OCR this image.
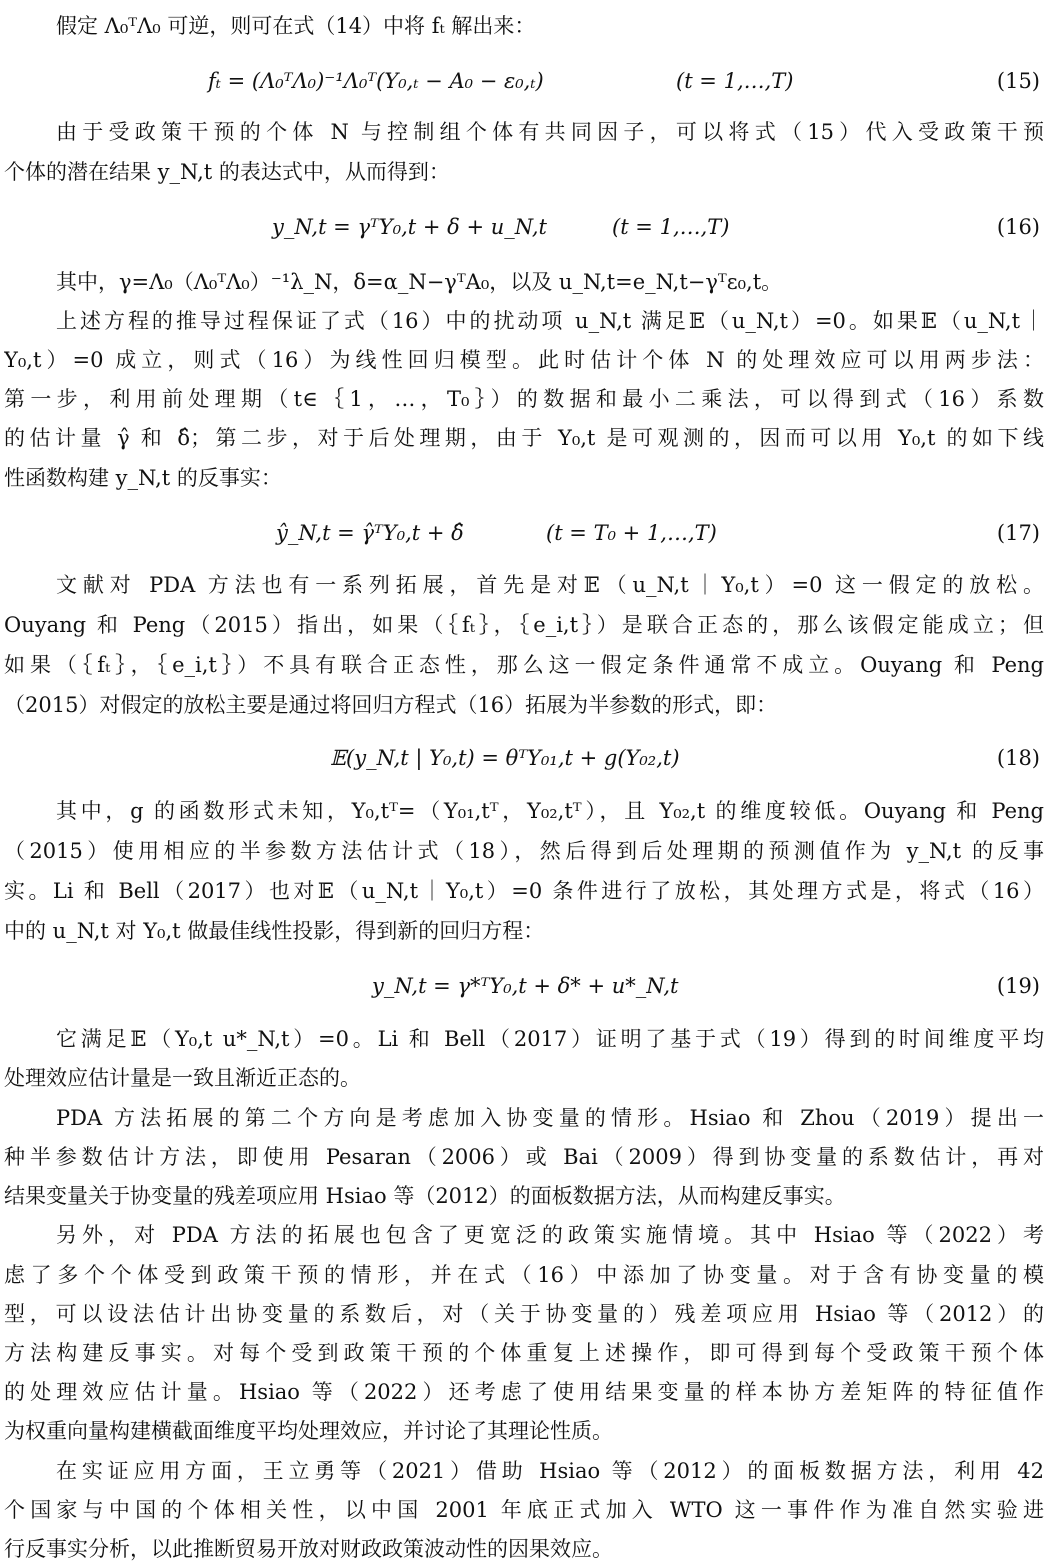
假定 Λ₀ᵀΛ₀ 可逆，则可在式（14）中将 fₜ 解出来：
fₜ = (Λ₀ᵀΛ₀)⁻¹Λ₀ᵀ(Y₀,ₜ − A₀ − ε₀,ₜ)	(t = 1,…,T)	(15)
由于受政策干预的个体 N 与控制组个体有共同因子，可以将式（15）代入受政策干预
个体的潜在结果 y_N,t 的表达式中，从而得到：
y_N,t = γᵀY₀,t + δ + u_N,t	(t = 1,…,T)	(16)
其中，γ=Λ₀（Λ₀ᵀΛ₀）⁻¹λ_N，δ=α_N−γᵀA₀，以及 u_N,t=e_N,t−γᵀε₀,t。
上述方程的推导过程保证了式（16）中的扰动项 u_N,t 满足𝔼（u_N,t）=0。如果𝔼（u_N,t｜
Y₀,t）=0 成立，则式（16）为线性回归模型。此时估计个体 N 的处理效应可以用两步法：
第一步，利用前处理期（t∈｛1，…，T₀｝）的数据和最小二乘法，可以得到式（16）系数
的估计量 γ̂ 和 δ̂；第二步，对于后处理期，由于 Y₀,t 是可观测的，因而可以用 Y₀,t 的如下线
性函数构建 y_N,t 的反事实：
ŷ_N,t = γ̂ᵀY₀,t + δ̂	(t = T₀ + 1,…,T)	(17)
文献对 PDA 方法也有一系列拓展，首先是对𝔼（u_N,t｜Y₀,t）=0 这一假定的放松。
Ouyang 和 Peng（2015）指出，如果（｛fₜ｝，｛e_i,t｝）是联合正态的，那么该假定能成立；但
如果（｛fₜ｝，｛e_i,t｝）不具有联合正态性，那么这一假定条件通常不成立。Ouyang 和 Peng
（2015）对假定的放松主要是通过将回归方程式（16）拓展为半参数的形式，即：
𝔼(y_N,t | Y₀,t) = θᵀY₀₁,t + g(Y₀₂,t)	(18)
其中，g 的函数形式未知，Y₀,tᵀ=（Y₀₁,tᵀ，Y₀₂,tᵀ），且 Y₀₂,t 的维度较低。Ouyang 和 Peng
（2015）使用相应的半参数方法估计式（18），然后得到后处理期的预测值作为 y_N,t 的反事
实。Li 和 Bell（2017）也对𝔼（u_N,t｜Y₀,t）=0 条件进行了放松，其处理方式是，将式（16）
中的 u_N,t 对 Y₀,t 做最佳线性投影，得到新的回归方程：
y_N,t = γ*ᵀY₀,t + δ* + u*_N,t	(19)
它满足𝔼（Y₀,t u*_N,t）=0。Li 和 Bell（2017）证明了基于式（19）得到的时间维度平均
处理效应估计量是一致且渐近正态的。
PDA 方法拓展的第二个方向是考虑加入协变量的情形。Hsiao 和 Zhou（2019）提出一
种半参数估计方法，即使用 Pesaran（2006）或 Bai（2009）得到协变量的系数估计，再对
结果变量关于协变量的残差项应用 Hsiao 等（2012）的面板数据方法，从而构建反事实。
另外，对 PDA 方法的拓展也包含了更宽泛的政策实施情境。其中 Hsiao 等（2022）考
虑了多个个体受到政策干预的情形，并在式（16）中添加了协变量。对于含有协变量的模
型，可以设法估计出协变量的系数后，对（关于协变量的）残差项应用 Hsiao 等（2012）的
方法构建反事实。对每个受到政策干预的个体重复上述操作，即可得到每个受政策干预个体
的处理效应估计量。Hsiao 等（2022）还考虑了使用结果变量的样本协方差矩阵的特征值作
为权重向量构建横截面维度平均处理效应，并讨论了其理论性质。
在实证应用方面，王立勇等（2021）借助 Hsiao 等（2012）的面板数据方法，利用 42
个国家与中国的个体相关性，以中国 2001 年底正式加入 WTO 这一事件作为准自然实验进
行反事实分析，以此推断贸易开放对财政政策波动性的因果效应。
